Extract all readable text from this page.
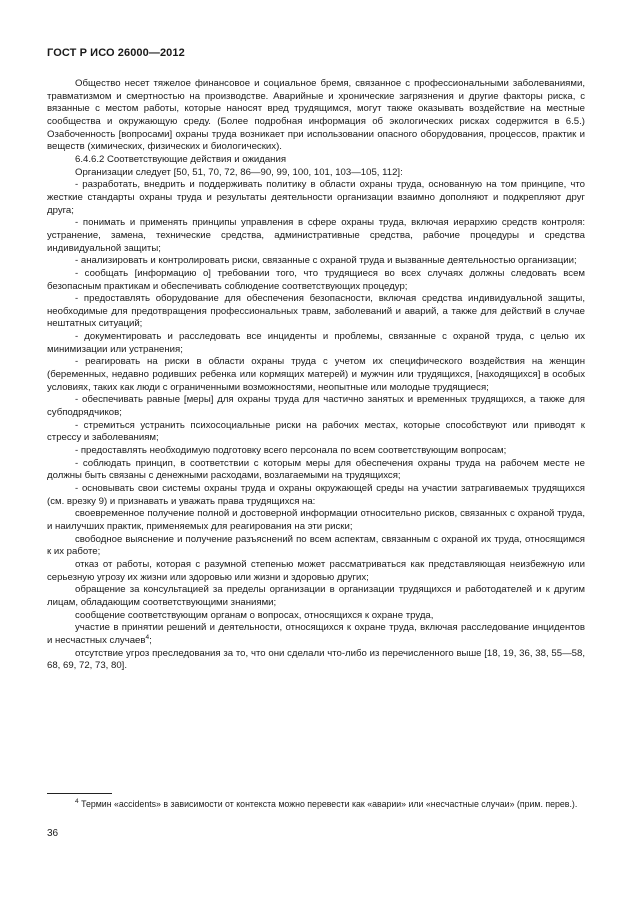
ГОСТ Р ИСО 26000—2012

Общество несет тяжелое финансовое и социальное бремя, связанное с профессиональными заболеваниями, травматизмом и смертностью на производстве. Аварийные и хронические загрязнения и другие факторы риска, с вязанные с местом работы, которые наносят вред трудящимся, могут также оказывать воздействие на местные сообщества и окружающую среду. (Более подробная информация об экологических рисках содержится в 6.5.) Озабоченность [вопросами] охраны труда возникает при использовании опасного оборудования, процессов, практик и веществ (химических, физических и биологических).

6.4.6.2 Соответствующие действия и ожидания

Организации следует [50, 51, 70, 72, 86—90, 99, 100, 101, 103—105, 112]:

- разработать, внедрить и поддерживать политику в области охраны труда, основанную на том принципе, что жесткие стандарты охраны труда и результаты деятельности организации взаимно дополняют и подкрепляют друг друга;

- понимать и применять принципы управления в сфере охраны труда, включая иерархию средств контроля: устранение, замена, технические средства, административные средства, рабочие процедуры и средства индивидуальной защиты;

- анализировать и контролировать риски, связанные с охраной труда и вызванные деятельностью организации;

- сообщать [информацию о] требовании того, что трудящиеся во всех случаях должны следовать всем безопасным практикам и обеспечивать соблюдение соответствующих процедур;

- предоставлять оборудование для обеспечения безопасности, включая средства индивидуальной защиты, необходимые для предотвращения профессиональных травм, заболеваний и аварий, а также для действий в случае нештатных ситуаций;

- документировать и расследовать все инциденты и проблемы, связанные с охраной труда, с целью их минимизации или устранения;

- реагировать на риски в области охраны труда с учетом их специфического воздействия на женщин (беременных, недавно родивших ребенка или кормящих матерей) и мужчин или трудящихся, [находящихся] в особых условиях, таких как люди с ограниченными возможностями, неопытные или молодые трудящиеся;

- обеспечивать равные [меры] для охраны труда для частично занятых и временных трудящихся, а также для субподрядчиков;

- стремиться устранить психосоциальные риски на рабочих местах, которые способствуют или приводят к стрессу и заболеваниям;

- предоставлять необходимую подготовку всего персонала по всем соответствующим вопросам;

- соблюдать принцип, в соответствии с которым меры для обеспечения охраны труда на рабочем месте не должны быть связаны с денежными расходами, возлагаемыми на трудящихся;

- основывать свои системы охраны труда и охраны окружающей среды на участии затрагиваемых трудящихся (см. врезку 9) и признавать и уважать права трудящихся на:

своевременное получение полной и достоверной информации относительно рисков, связанных с охраной труда, и наилучших практик, применяемых для реагирования на эти риски;

свободное выяснение и получение разъяснений по всем аспектам, связанным с охраной их труда, относящимся к их работе;

отказ от работы, которая с разумной степенью может рассматриваться как представляющая неизбежную или серьезную угрозу их жизни или здоровью или жизни и здоровью других;

обращение за консультацией за пределы организации в организации трудящихся и работодателей и к другим лицам, обладающим соответствующими знаниями;

сообщение соответствующим органам о вопросах, относящихся к охране труда,

участие в принятии решений и деятельности, относящихся к охране труда, включая расследование инцидентов и несчастных случаев$^4$;

отсутствие угроз преследования за то, что они сделали что-либо из перечисленного выше [18, 19, 36, 38, 55—58, 68, 69, 72, 73, 80].

$^4$ Термин «accidents» в зависимости от контекста можно перевести как «аварии» или «несчастные случаи» (прим. перев.).

36
